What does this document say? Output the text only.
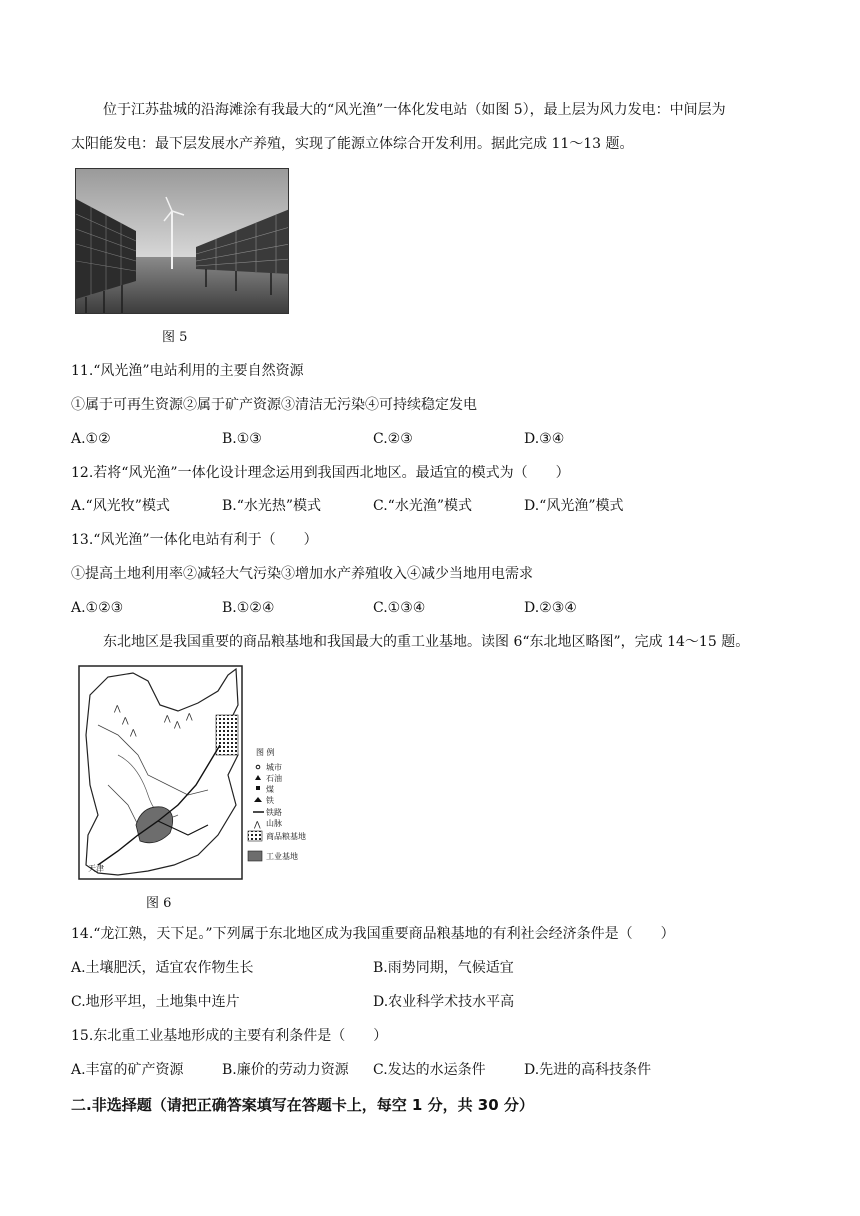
位于江苏盐城的沿海滩涂有我最大的“风光渔”一体化发电站（如图 5），最上层为风力发电：中间层为
太阳能发电：最下层发展水产养殖，实现了能源立体综合开发利用。据此完成 11～13 题。
图 5
11.“风光渔”电站利用的主要自然资源
①属于可再生资源②属于矿产资源③清洁无污染④可持续稳定发电
A.①②	B.①③	C.②③	D.③④
12.若将“风光渔”一体化设计理念运用到我国西北地区。最适宜的模式为（　　）
A.“风光牧”模式	B.“水光热”模式	C.“水光渔”模式	D.“风光渔”模式
13.“风光渔”一体化电站有利于（　　）
①提高土地利用率②减轻大气污染③增加水产养殖收入④减少当地用电需求
A.①②③	B.①②④	C.①③④	D.②③④
东北地区是我国重要的商品粮基地和我国最大的重工业基地。读图 6“东北地区略图”，完成 14～15 题。
⋀
⋀
⋀
⋀
⋀
⋀
天津
图 例
城市
石油
煤
铁
铁路
⋀ 山脉
商品粮基地
工业基地
图 6
14.“龙江熟，天下足。”下列属于东北地区成为我国重要商品粮基地的有利社会经济条件是（　　）
A.土壤肥沃，适宜农作物生长	B.雨势同期，气候适宜
C.地形平坦，土地集中连片	D.农业科学术技水平高
15.东北重工业基地形成的主要有利条件是（　　）
A.丰富的矿产资源	B.廉价的劳动力资源 C.发达的水运条件	D.先进的高科技条件
二.非选择题（请把正确答案填写在答题卡上，每空 1 分，共 30 分）
